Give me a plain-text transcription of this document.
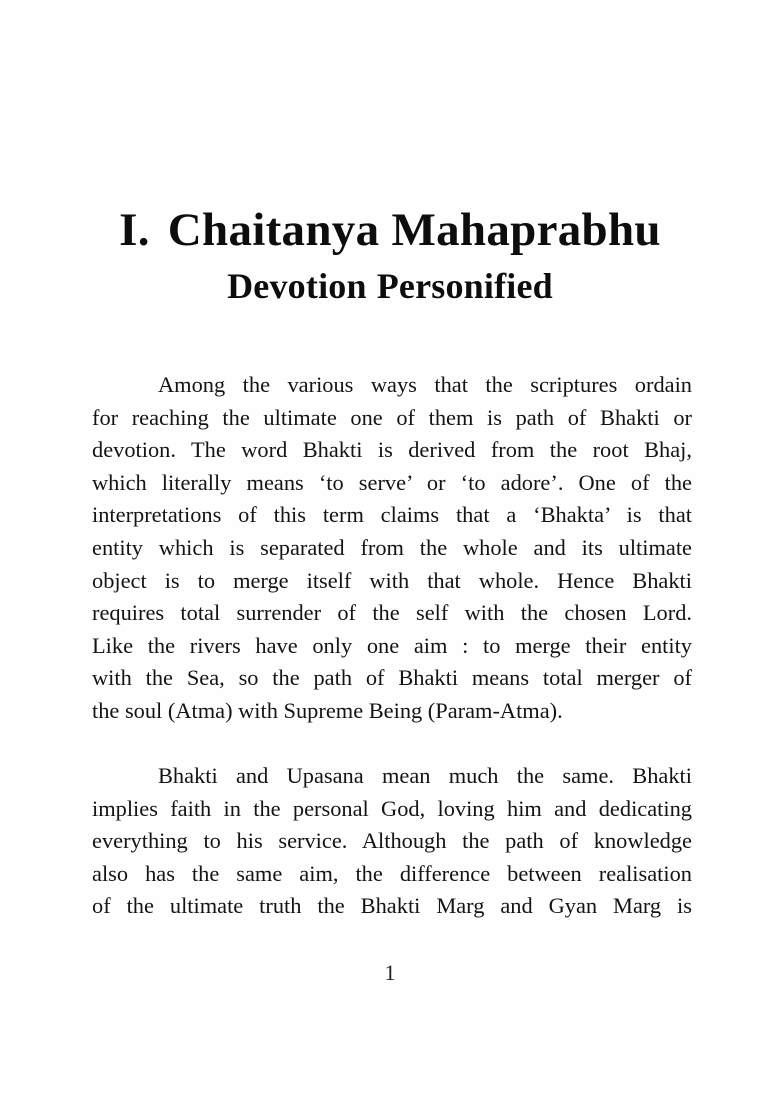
I. Chaitanya Mahaprabhu
Devotion Personified
Among the various ways that the scriptures ordain
for reaching the ultimate one of them is path of Bhakti or
devotion. The word Bhakti is derived from the root Bhaj,
which literally means ‘to serve’ or ‘to adore’. One of the
interpretations of this term claims that a ‘Bhakta’ is that
entity which is separated from the whole and its ultimate
object is to merge itself with that whole. Hence Bhakti
requires total surrender of the self with the chosen Lord.
Like the rivers have only one aim : to merge their entity
with the Sea, so the path of Bhakti means total merger of
the soul (Atma) with Supreme Being (Param-Atma).
Bhakti and Upasana mean much the same. Bhakti
implies faith in the personal God, loving him and dedicating
everything to his service. Although the path of knowledge
also has the same aim, the difference between realisation
of the ultimate truth the Bhakti Marg and Gyan Marg is
1
